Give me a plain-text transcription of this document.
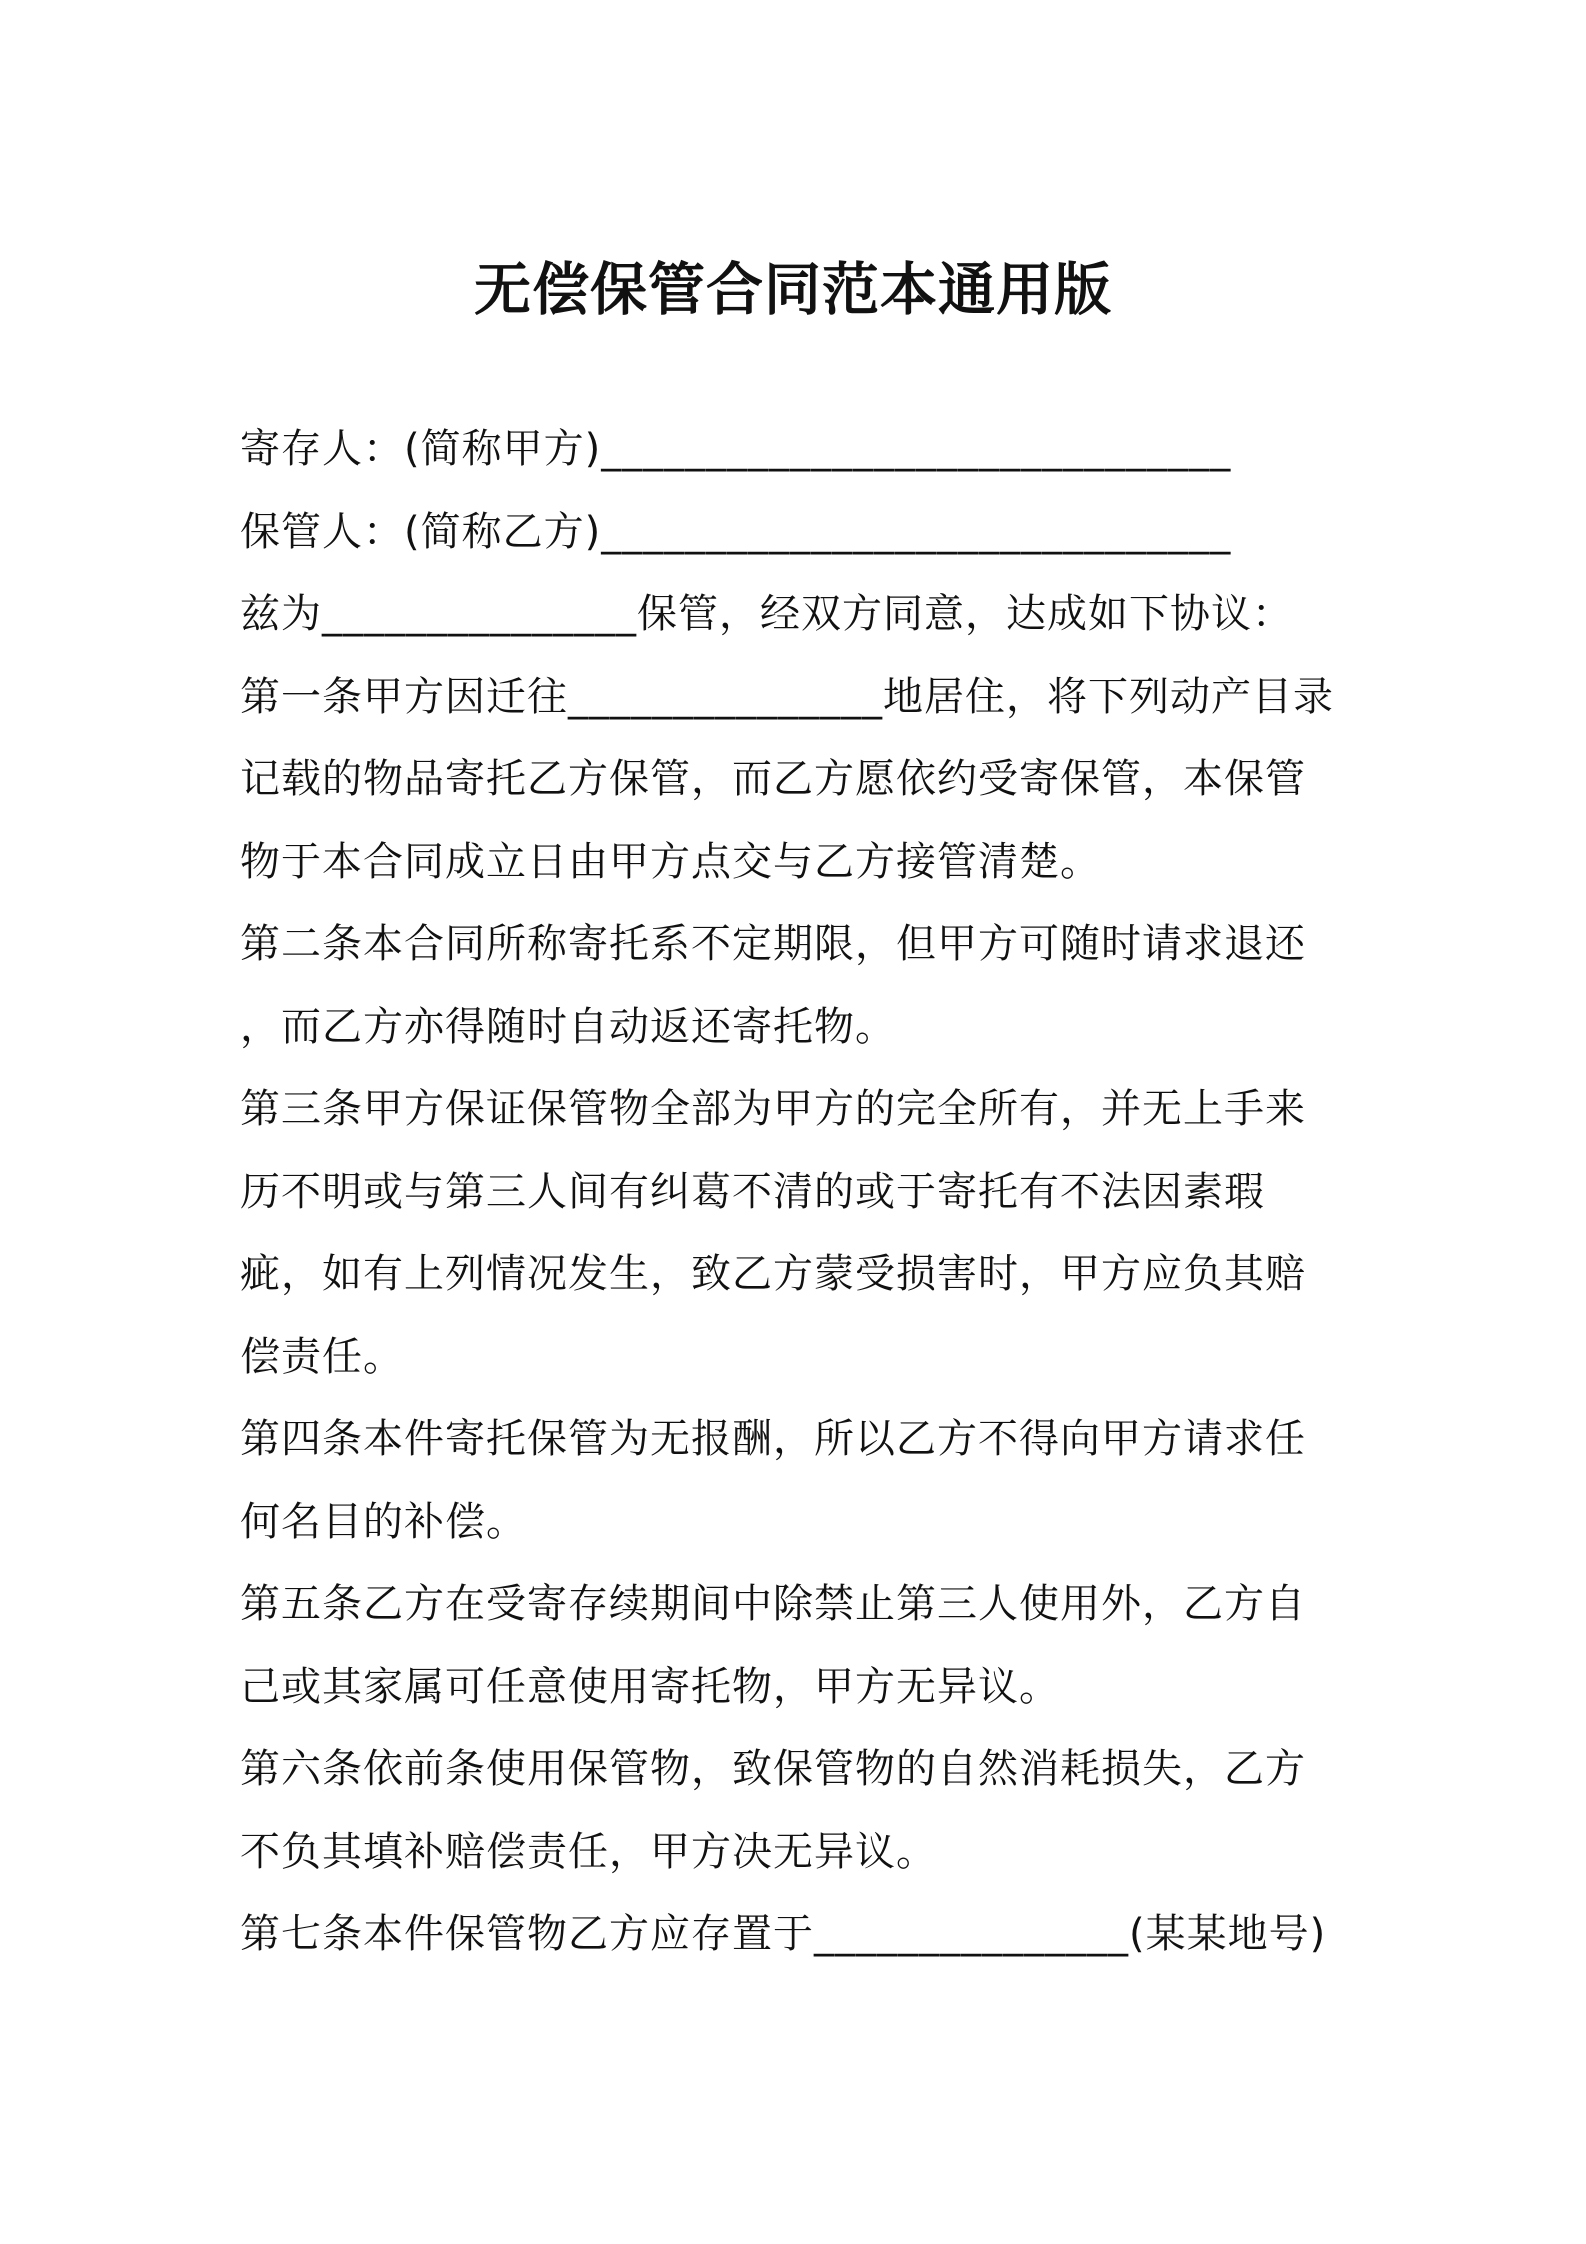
无偿保管合同范本通用版
寄存人：(简称甲方)______________________________
保管人：(简称乙方)______________________________
兹为_______________保管，经双方同意，达成如下协议：
第一条甲方因迁往_______________地居住，将下列动产目录
记载的物品寄托乙方保管，而乙方愿依约受寄保管，本保管
物于本合同成立日由甲方点交与乙方接管清楚。
第二条本合同所称寄托系不定期限，但甲方可随时请求退还
，而乙方亦得随时自动返还寄托物。
第三条甲方保证保管物全部为甲方的完全所有，并无上手来
历不明或与第三人间有纠葛不清的或于寄托有不法因素瑕
疵，如有上列情况发生，致乙方蒙受损害时，甲方应负其赔
偿责任。
第四条本件寄托保管为无报酬，所以乙方不得向甲方请求任
何名目的补偿。
第五条乙方在受寄存续期间中除禁止第三人使用外，乙方自
己或其家属可任意使用寄托物，甲方无异议。
第六条依前条使用保管物，致保管物的自然消耗损失，乙方
不负其填补赔偿责任，甲方决无异议。
第七条本件保管物乙方应存置于_______________(某某地号)
